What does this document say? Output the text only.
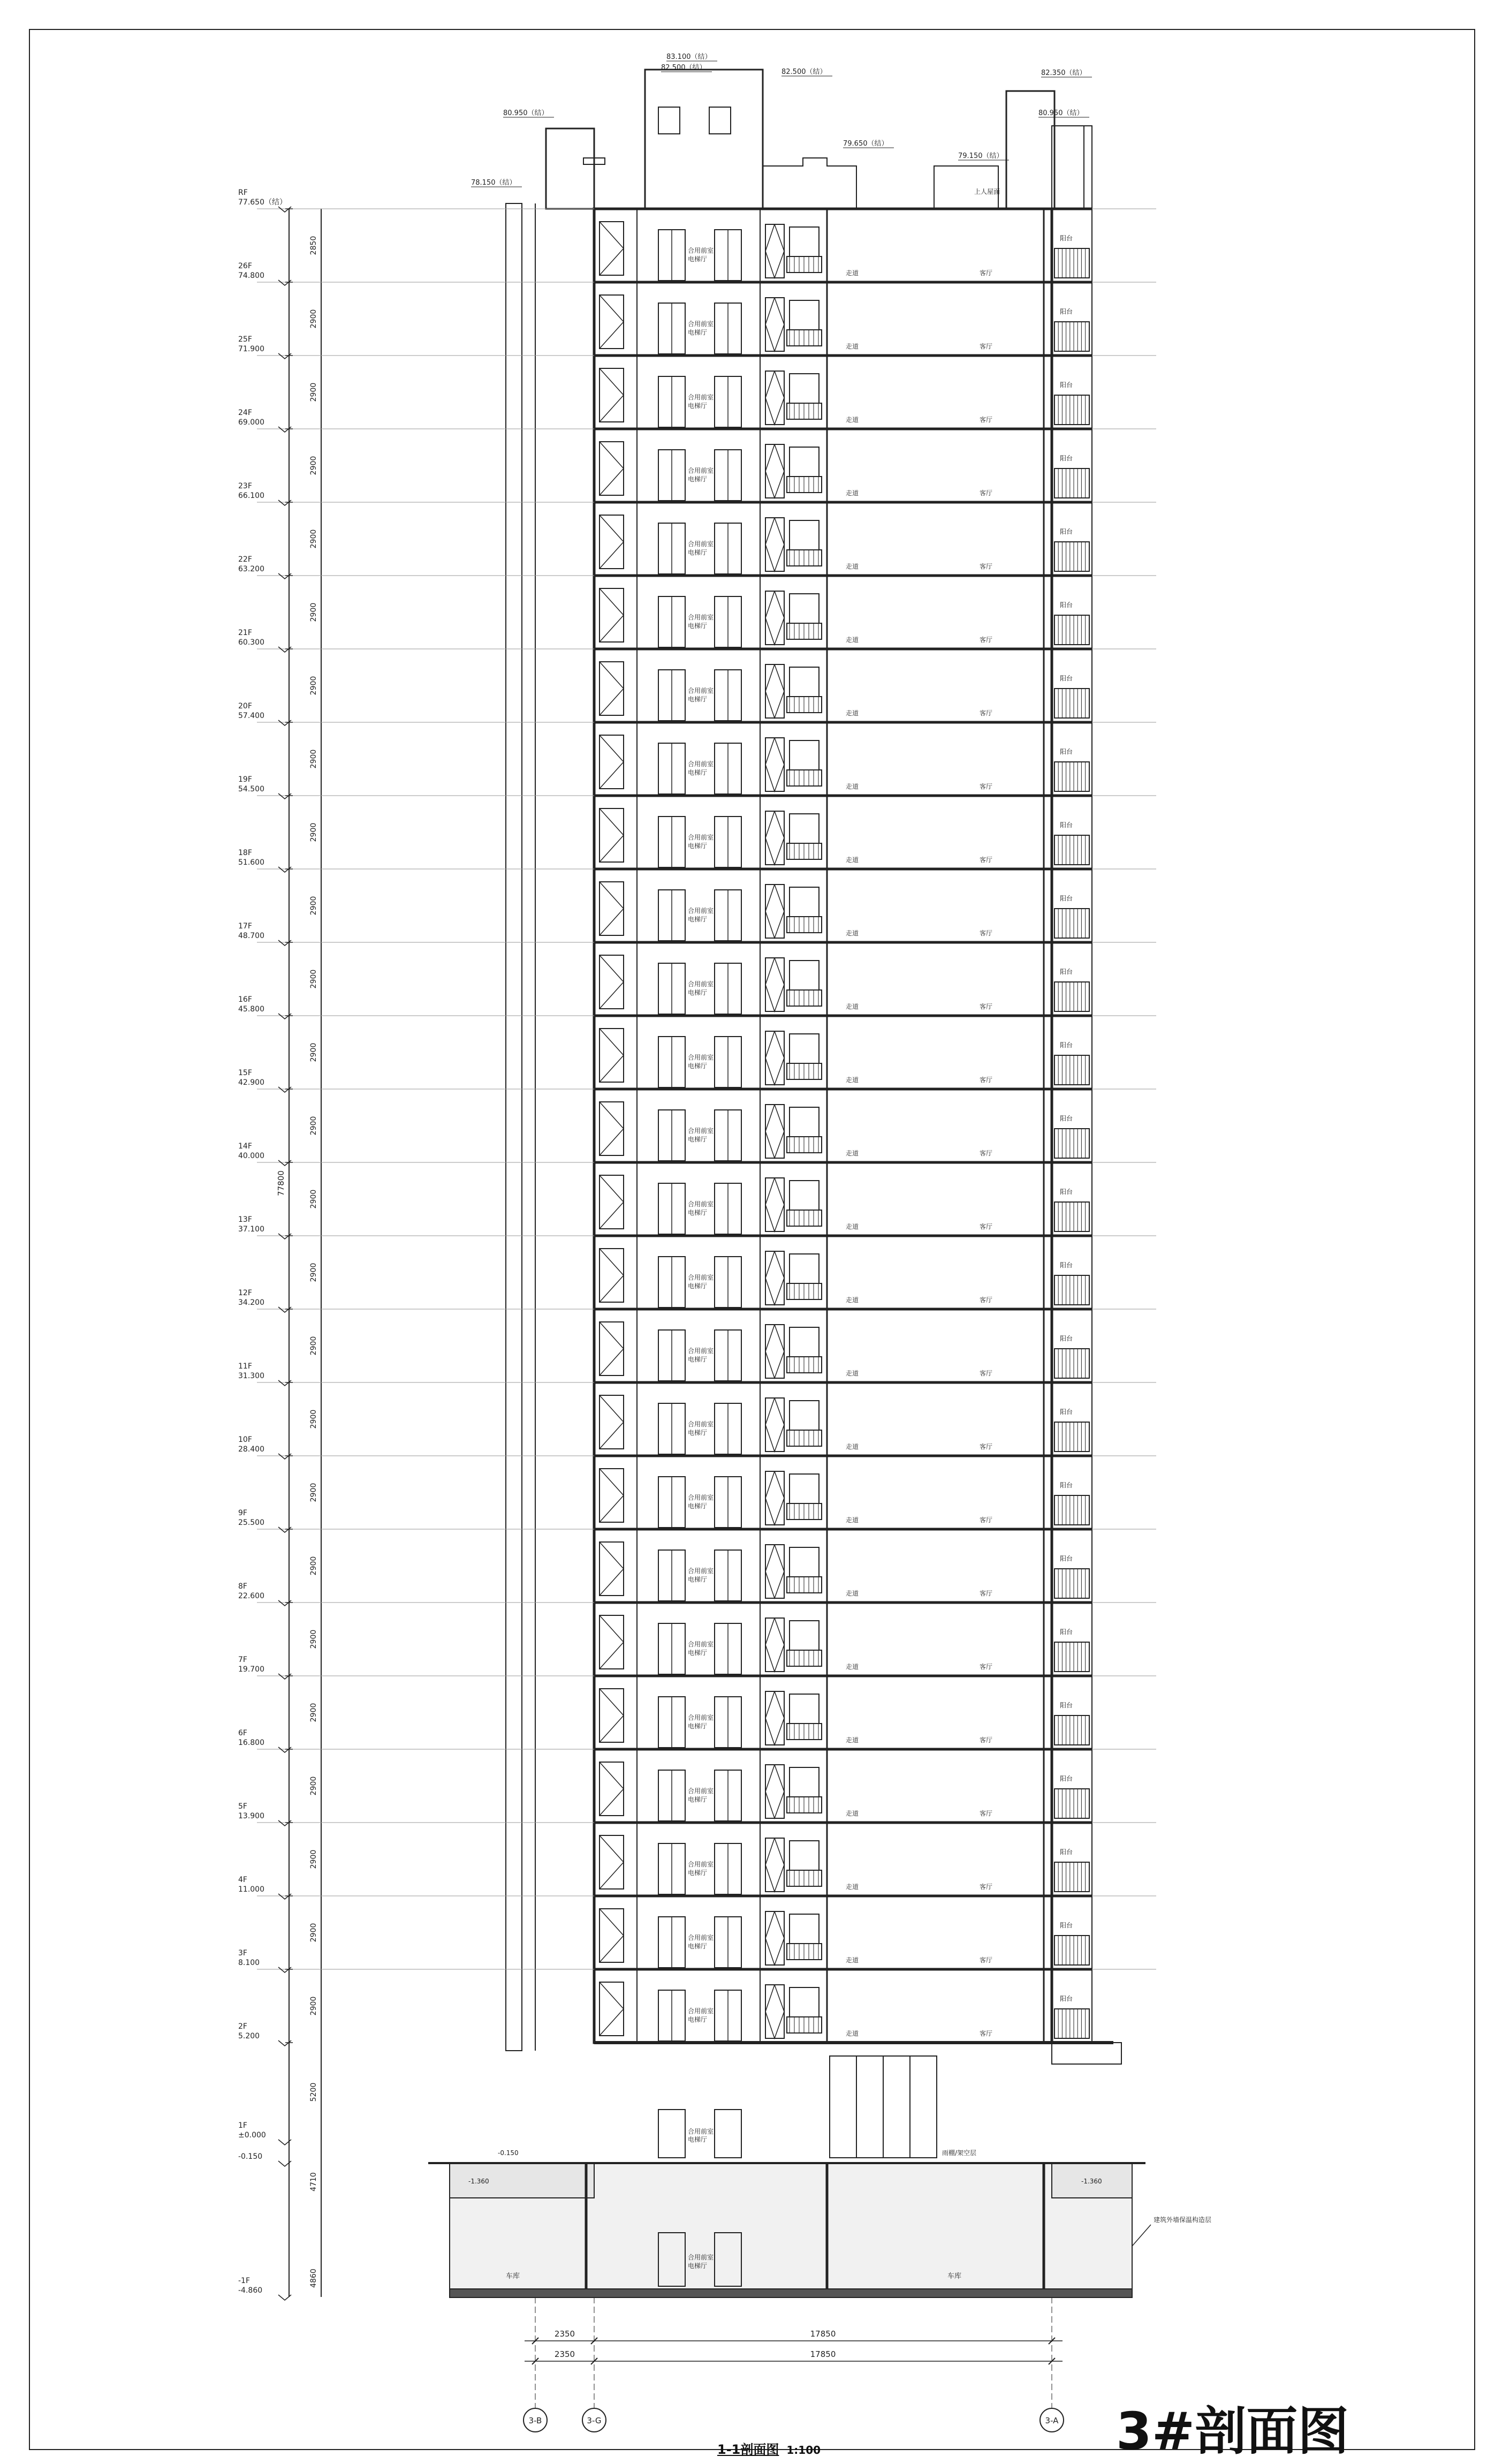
合用前室
电梯厅
走道	客厅
阳台
合用前室
电梯厅
走道	客厅
阳台
合用前室
电梯厅
走道	客厅
阳台
合用前室
电梯厅
走道	客厅
阳台
合用前室
电梯厅
走道	客厅
阳台
合用前室
电梯厅
走道	客厅
阳台
合用前室
电梯厅
走道	客厅
阳台
合用前室
电梯厅
走道	客厅
阳台
合用前室
电梯厅
走道	客厅
阳台
合用前室
电梯厅
走道	客厅
阳台
合用前室
电梯厅
走道	客厅
阳台
合用前室
电梯厅
走道	客厅
阳台
合用前室
电梯厅
走道	客厅
阳台
合用前室
电梯厅
走道	客厅
阳台
合用前室
电梯厅
走道	客厅
阳台
合用前室
电梯厅
走道	客厅
阳台
合用前室
电梯厅
走道	客厅
阳台
合用前室
电梯厅
走道	客厅
阳台
合用前室
电梯厅
走道	客厅
阳台
合用前室
电梯厅
走道	客厅
阳台
合用前室
电梯厅
走道	客厅
阳台
合用前室
电梯厅
走道	客厅
阳台
合用前室
电梯厅
走道	客厅
阳台
合用前室
电梯厅
走道	客厅
阳台
合用前室
电梯厅
走道	客厅
阳台
合用前室
电梯厅
雨棚/架空层
车库	车库
合用前室
电梯厅
建筑外墙保温构造层
RF
77.650（结）
26F
74.800
25F
71.900
24F
69.000
23F
66.100
22F
63.200
21F
60.300
20F
57.400
19F
54.500
18F
51.600
17F
48.700
16F
45.800
15F
42.900
14F
40.000
13F
37.100
12F
34.200
11F
31.300
10F
28.400
9F
25.500
8F
22.600
7F
19.700
6F
16.800
5F
13.900
4F
11.000
3F
8.100
2F
5.200
1F
±0.000
-0.150
-1F
-4.860
2850
2900
2900
2900
2900
2900
2900
2900
2900
2900
2900
2900
2900
2900
2900
2900
2900
2900
2900
2900
2900
2900
2900
2900
2900
5200
4710
4860
77800
83.100（结）
82.500（结）
82.500（结）	82.350（结）
80.950（结）	80.950（结）
79.650（结）
79.150（结）
78.150（结）
上人屋面
-0.150
-1.360	-1.360
2350	17850
2350	17850
3-B	3-G	3-A 3#剖面图
1-1剖面图 1:100
